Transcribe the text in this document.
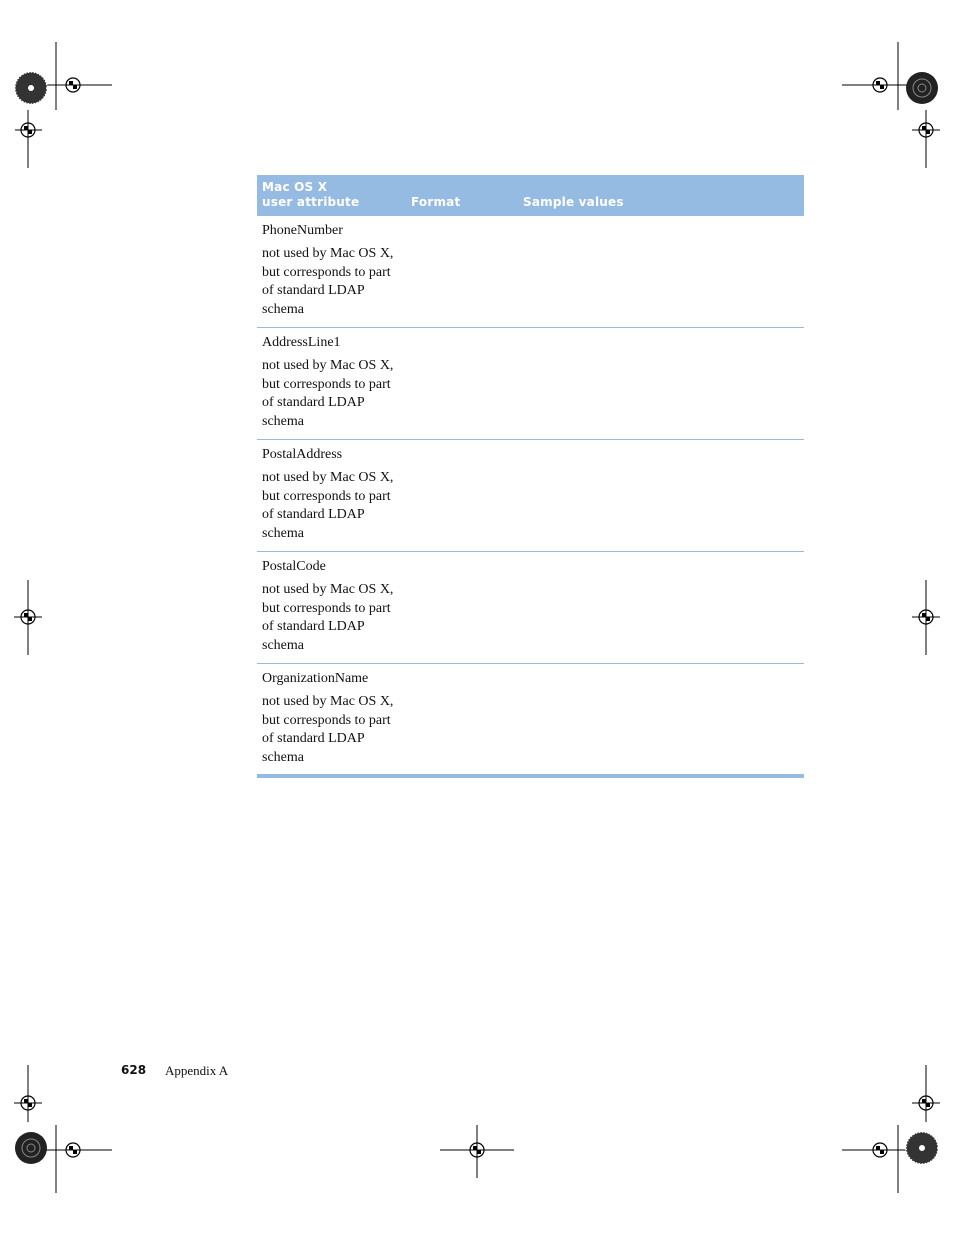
Mac OS X
user attribute	Format	Sample values
PhoneNumber
not used by Mac OS X, but corresponds to part of standard LDAP schema
AddressLine1
not used by Mac OS X, but corresponds to part of standard LDAP schema
PostalAddress
not used by Mac OS X, but corresponds to part of standard LDAP schema
PostalCode
not used by Mac OS X, but corresponds to part of standard LDAP schema
OrganizationName
not used by Mac OS X, but corresponds to part of standard LDAP schema
628	Appendix A
